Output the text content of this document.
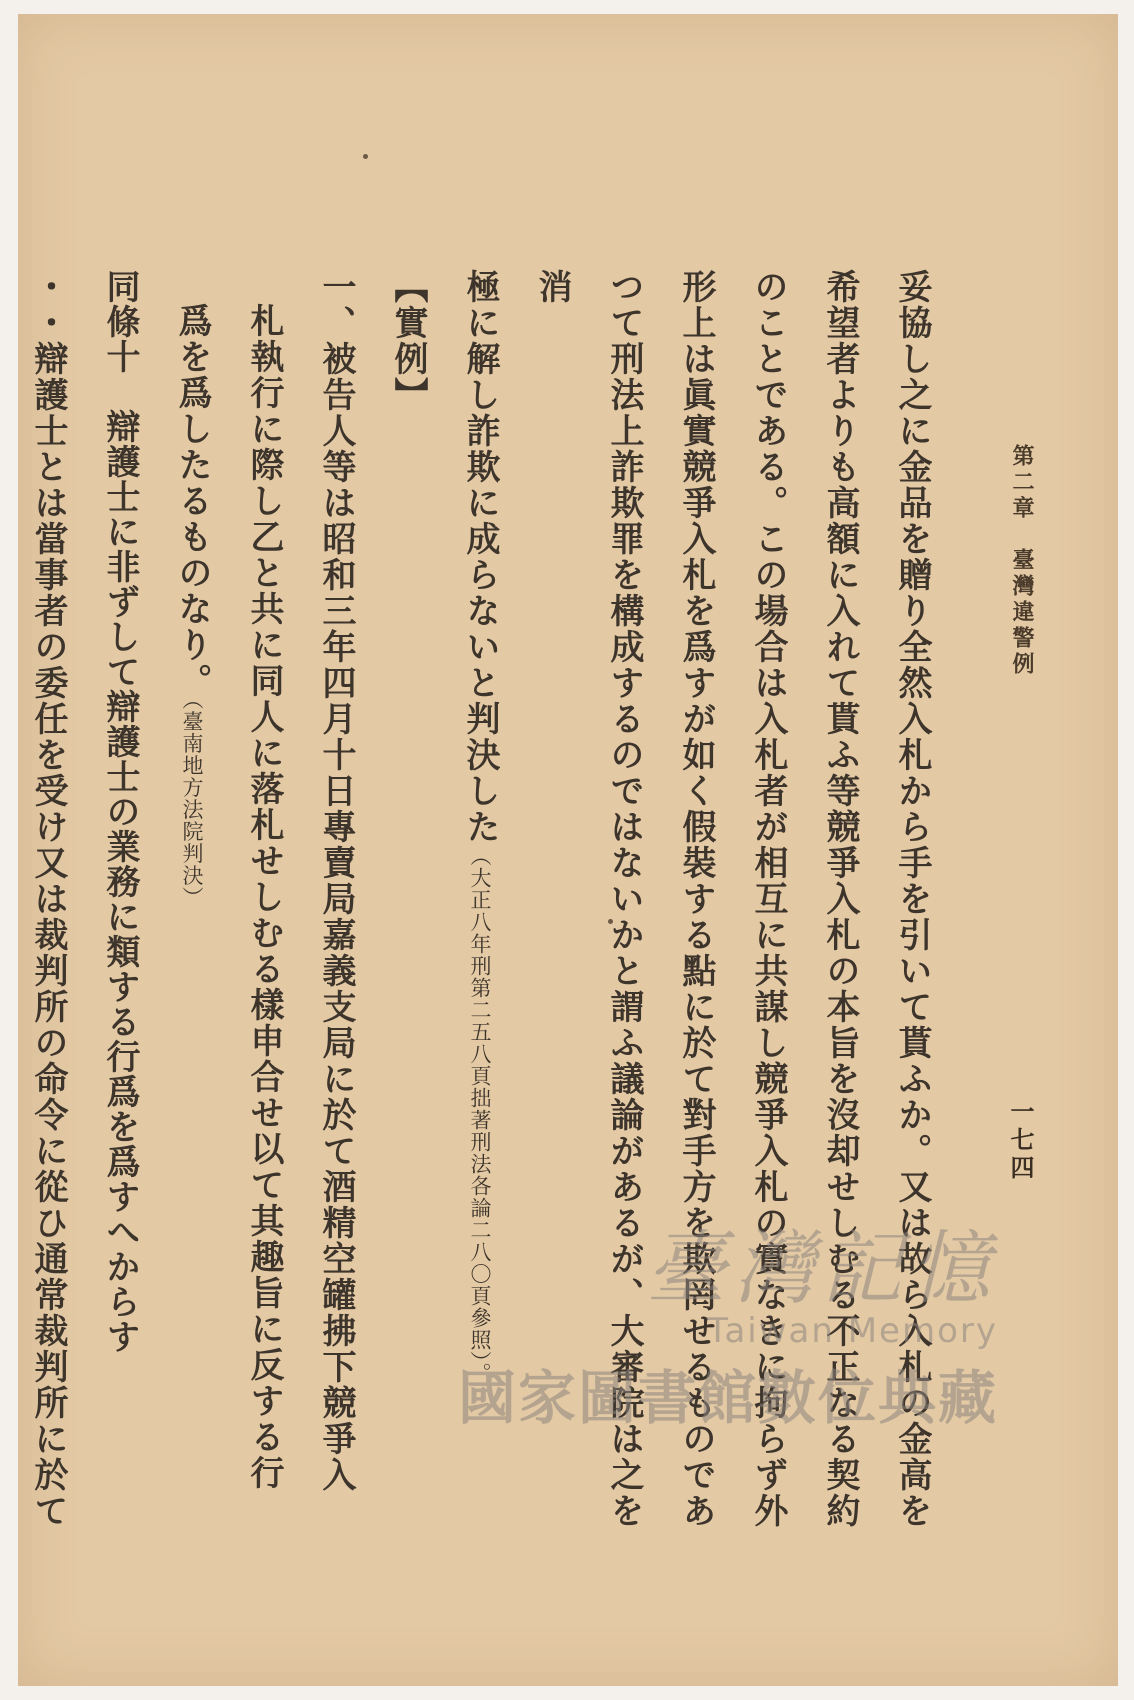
第二章　臺灣違警例
一七四
妥協し之に金品を贈り全然入札から手を引いて貰ふか。又は故ら入札の金高を
希望者よりも高額に入れて貰ふ等競爭入札の本旨を沒却せしむる不正なる契約
のことである。この場合は入札者が相互に共謀し競爭入札の實なきに拘らず外
形上は眞實競爭入札を爲すが如く假裝する點に於て對手方を欺罔せるものであ
つて刑法上詐欺罪を構成するのではないかと謂ふ議論があるが、大審院は之を消
極に解し詐欺に成らないと判決した（大正八年刑第二五八頁拙著刑法各論二八〇頁參照）。
【實例】
一、被告人等は昭和三年四月十日專賣局嘉義支局に於て酒精空罐拂下競爭入
札執行に際し乙と共に同人に落札せしむる樣申合せ以て其趣旨に反する行
爲を爲したるものなり。（臺南地方法院判決）
同條十　辯護士に非ずして辯護士の業務に類する行爲を爲すへからす
・・辯護士とは當事者の委任を受け又は裁判所の命令に從ひ通常裁判所に於て
臺灣記憶
Taiwan Memory
國家圖書館數位典藏
